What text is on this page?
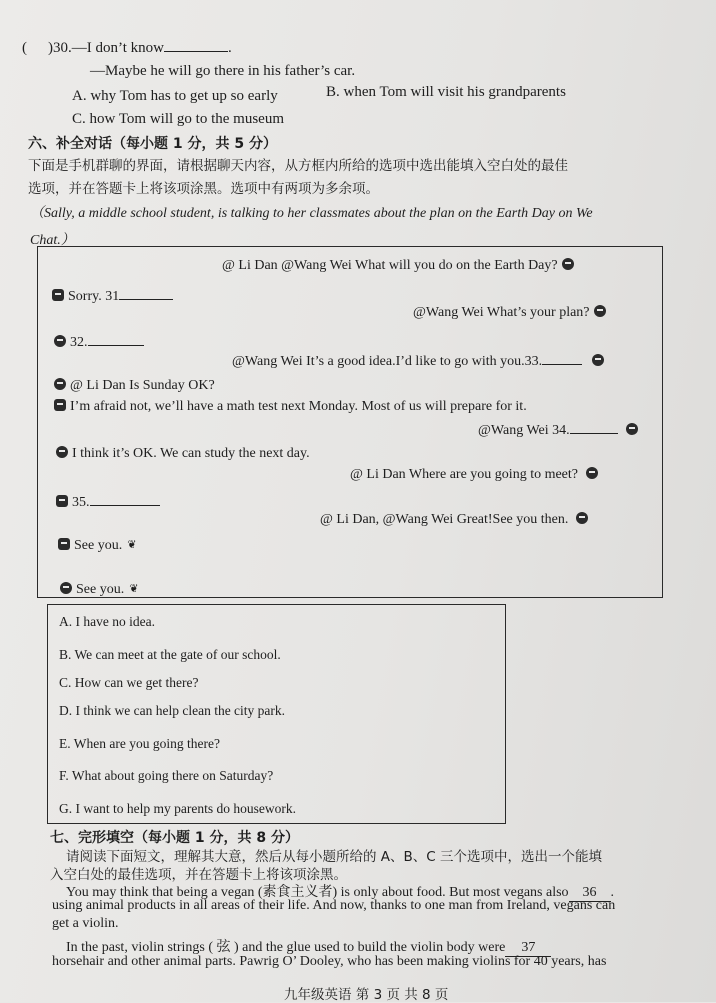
( )30.—I don’t know	.
—Maybe he will go there in his father’s car.
A. why Tom has to get up so early	B. when Tom will visit his grandparents
C. how Tom will go to the museum
六、补全对话（每小题 1 分，共 5 分）
下面是手机群聊的界面，请根据聊天内容，从方框内所给的选项中选出能填入空白处的最佳
选项，并在答题卡上将该项涂黑。选项中有两项为多余项。
（Sally, a middle school student, is talking to her classmates about the plan on the Earth Day on We
Chat.）
@ Li Dan @Wang Wei What will you do on the Earth Day?
Sorry. 31
@Wang Wei What’s your plan?
32.
@Wang Wei It’s a good idea.I’d like to go with you.33.
@ Li Dan Is Sunday OK?
I’m afraid not, we’ll have a math test next Monday. Most of us will prepare for it.
@Wang Wei 34.
I think it’s OK. We can study the next day.
@ Li Dan Where are you going to meet?
35.
@ Li Dan, @Wang Wei Great!See you then.
See you. ❦
See you. ❦
A. I have no idea.
B. We can meet at the gate of our school.
C. How can we get there?
D. I think we can help clean the city park.
E. When are you going there?
F. What about going there on Saturday?
G. I want to help my parents do housework.
七、完形填空（每小题 1 分，共 8 分）
请阅读下面短文，理解其大意，然后从每小题所给的 A、B、C 三个选项中，选出一个能填
入空白处的最佳选项，并在答题卡上将该项涂黑。
You may think that being a vegan (素食主义者) is only about food. But most vegans also 36 .
using animal products in all areas of their life. And now, thanks to one man from Ireland, vegans can
get a violin.
In the past, violin strings ( 弦 ) and the glue used to build the violin body were 37
horsehair and other animal parts. Pawrig O’ Dooley, who has been making violins for 40 years, has
九年级英语 第 3 页 共 8 页
